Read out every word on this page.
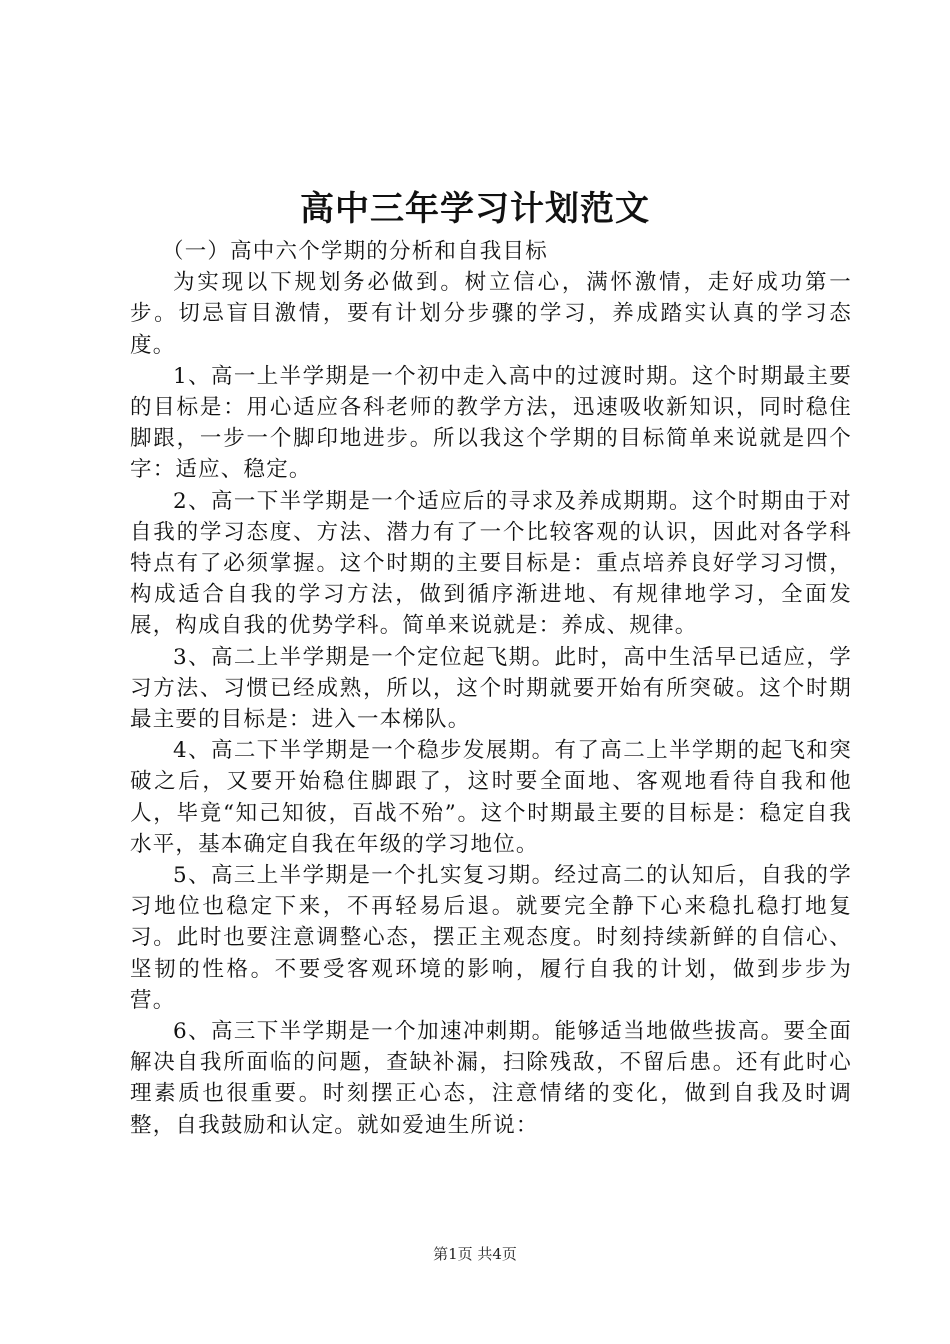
高中三年学习计划范文

（一）高中六个学期的分析和自我目标

为实现以下规划务必做到。树立信心，满怀激情，走好成功第一步。切忌盲目激情，要有计划分步骤的学习，养成踏实认真的学习态度。

1、高一上半学期是一个初中走入高中的过渡时期。这个时期最主要的目标是：用心适应各科老师的教学方法，迅速吸收新知识，同时稳住脚跟，一步一个脚印地进步。所以我这个学期的目标简单来说就是四个字：适应、稳定。

2、高一下半学期是一个适应后的寻求及养成期期。这个时期由于对自我的学习态度、方法、潜力有了一个比较客观的认识，因此对各学科特点有了必须掌握。这个时期的主要目标是：重点培养良好学习习惯，构成适合自我的学习方法，做到循序渐进地、有规律地学习，全面发展，构成自我的优势学科。简单来说就是：养成、规律。

3、高二上半学期是一个定位起飞期。此时，高中生活早已适应，学习方法、习惯已经成熟，所以，这个时期就要开始有所突破。这个时期最主要的目标是：进入一本梯队。

4、高二下半学期是一个稳步发展期。有了高二上半学期的起飞和突破之后，又要开始稳住脚跟了，这时要全面地、客观地看待自我和他人，毕竟“知己知彼，百战不殆”。这个时期最主要的目标是：稳定自我水平，基本确定自我在年级的学习地位。

5、高三上半学期是一个扎实复习期。经过高二的认知后，自我的学习地位也稳定下来，不再轻易后退。就要完全静下心来稳扎稳打地复习。此时也要注意调整心态，摆正主观态度。时刻持续新鲜的自信心、坚韧的性格。不要受客观环境的影响，履行自我的计划，做到步步为营。

6、高三下半学期是一个加速冲刺期。能够适当地做些拔高。要全面解决自我所面临的问题，查缺补漏，扫除残敌，不留后患。还有此时心理素质也很重要。时刻摆正心态，注意情绪的变化，做到自我及时调整，自我鼓励和认定。就如爱迪生所说：

第1页 共4页
